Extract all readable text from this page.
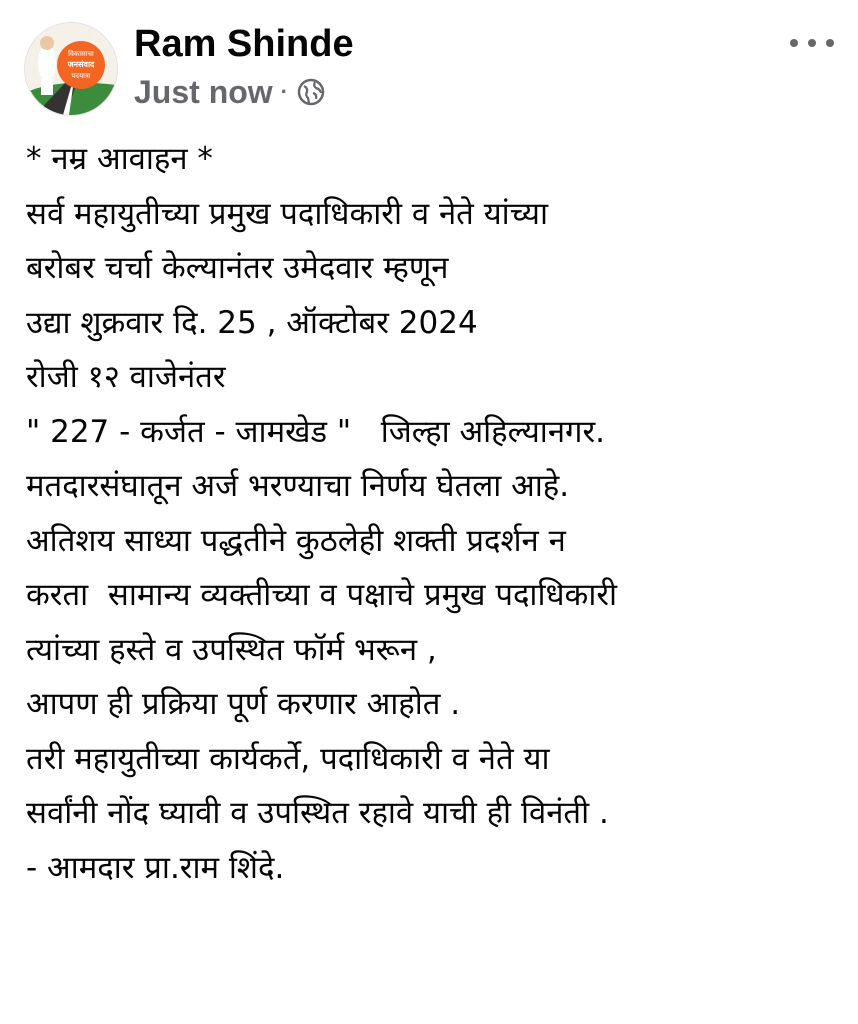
विकासाचा
जनसंवाद
पदयात्रा
Ram Shinde
Just now ·
* नम्र आवाहन *
सर्व महायुतीच्या प्रमुख पदाधिकारी व नेते यांच्या
बरोबर चर्चा केल्यानंतर उमेदवार म्हणून
उद्या शुक्रवार दि. 25 , ऑक्टोबर 2024
रोजी १२ वाजेनंतर
" 227 - कर्जत - जामखेड "   जिल्हा अहिल्यानगर.
मतदारसंघातून अर्ज भरण्याचा निर्णय घेतला आहे.
अतिशय साध्या पद्धतीने कुठलेही शक्ती प्रदर्शन न
करता  सामान्य व्यक्तीच्या व पक्षाचे प्रमुख पदाधिकारी
त्यांच्या हस्ते व उपस्थित फॉर्म भरून ,
आपण ही प्रक्रिया पूर्ण करणार आहोत .
तरी महायुतीच्या कार्यकर्ते, पदाधिकारी व नेते या
सर्वांनी नोंद घ्यावी व उपस्थित रहावे याची ही विनंती .
- आमदार प्रा.राम शिंदे.
